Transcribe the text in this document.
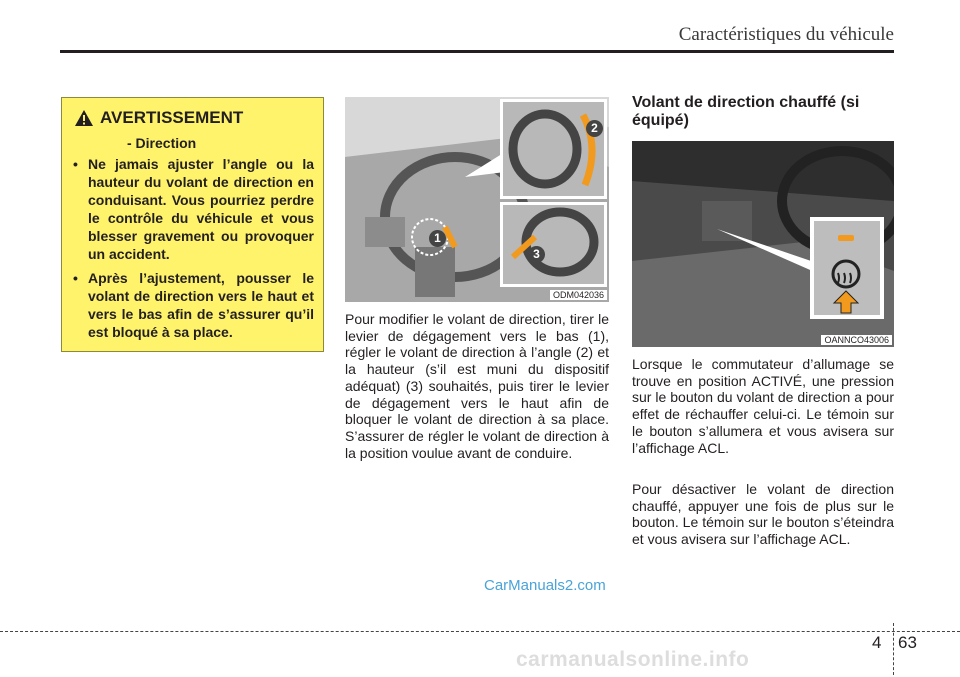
Caractéristiques du véhicule
AVERTISSEMENT
- Direction
• Ne jamais ajuster l’angle ou la hauteur du volant de direction en conduisant. Vous pourriez perdre le contrôle du véhicule et vous blesser gravement ou provoquer un accident.
• Après l’ajustement, pousser le volant de direction vers le haut et vers le bas afin de s’assurer qu’il est bloqué à sa place.
1
2
3
ODM042036

Pour modifier le volant de direction, tirer le levier de dégagement vers le bas (1), régler le volant de direction à l’angle (2) et la hauteur (s’il est muni du dispositif adéquat) (3) souhaités, puis tirer le levier de dégagement vers le haut afin de bloquer le volant de direction à sa place. S’assurer de régler le volant de direction à la position voulue avant de conduire.

Volant de direction chauffé (si équipé)
OANNCO43006

Lorsque le commutateur d’allumage se trouve en position ACTIVÉ, une pression sur le bouton du volant de direction a pour effet de réchauffer celui-ci. Le témoin sur le bouton s’allumera et vous avisera sur l’affichage ACL.

Pour désactiver le volant de direction chauffé, appuyer une fois de plus sur le bouton. Le témoin sur le bouton s’éteindra et vous avisera sur l’affichage ACL.

CarManuals2.com
4 63
carmanualsonline.info
